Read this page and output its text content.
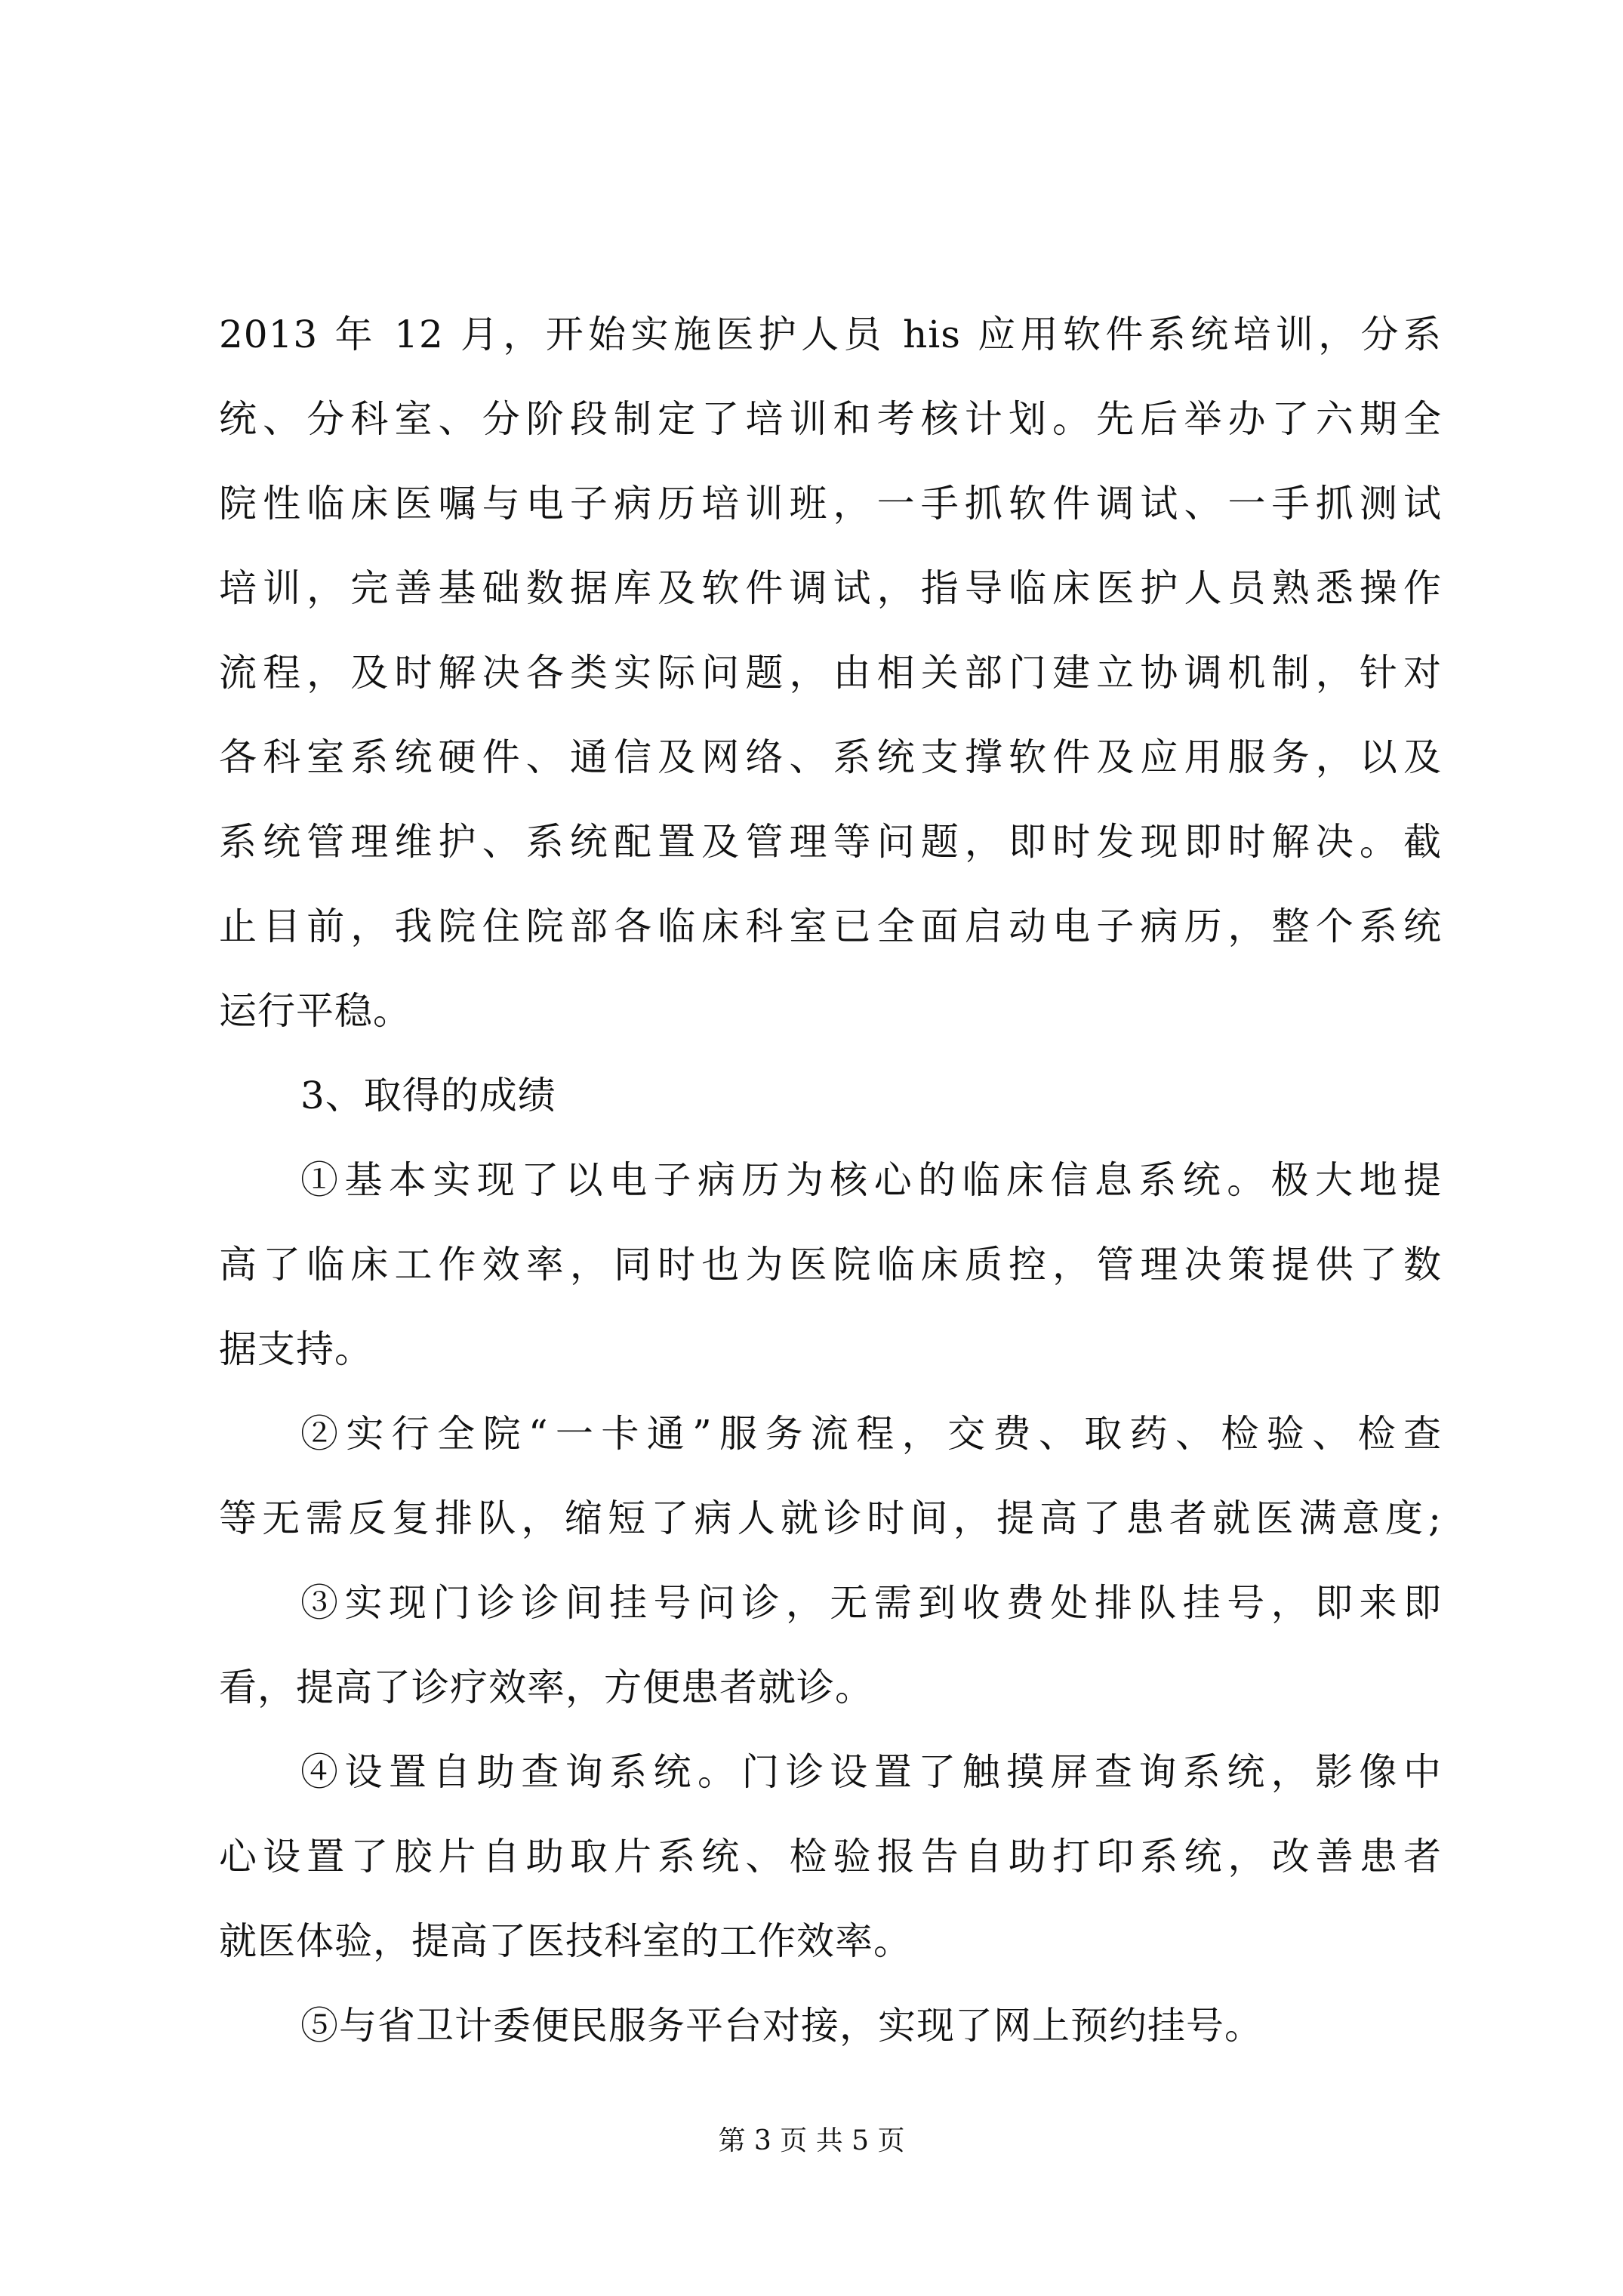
2013 年 12 月，开始实施医护人员 his 应用软件系统培训，分系
统、分科室、分阶段制定了培训和考核计划。先后举办了六期全
院性临床医嘱与电子病历培训班，一手抓软件调试、一手抓测试
培训，完善基础数据库及软件调试，指导临床医护人员熟悉操作
流程，及时解决各类实际问题，由相关部门建立协调机制，针对
各科室系统硬件、通信及网络、系统支撑软件及应用服务，以及
系统管理维护、系统配置及管理等问题，即时发现即时解决。截
止目前，我院住院部各临床科室已全面启动电子病历，整个系统
运行平稳。
3、取得的成绩
①基本实现了以电子病历为核心的临床信息系统。极大地提
高了临床工作效率，同时也为医院临床质控，管理决策提供了数
据支持。
②实行全院“一卡通”服务流程，交费、取药、检验、检查
等无需反复排队，缩短了病人就诊时间，提高了患者就医满意度;
③实现门诊诊间挂号问诊，无需到收费处排队挂号，即来即
看，提高了诊疗效率，方便患者就诊。
④设置自助查询系统。门诊设置了触摸屏查询系统，影像中
心设置了胶片自助取片系统、检验报告自助打印系统，改善患者
就医体验，提高了医技科室的工作效率。
⑤与省卫计委便民服务平台对接，实现了网上预约挂号。
第 3 页 共 5 页
